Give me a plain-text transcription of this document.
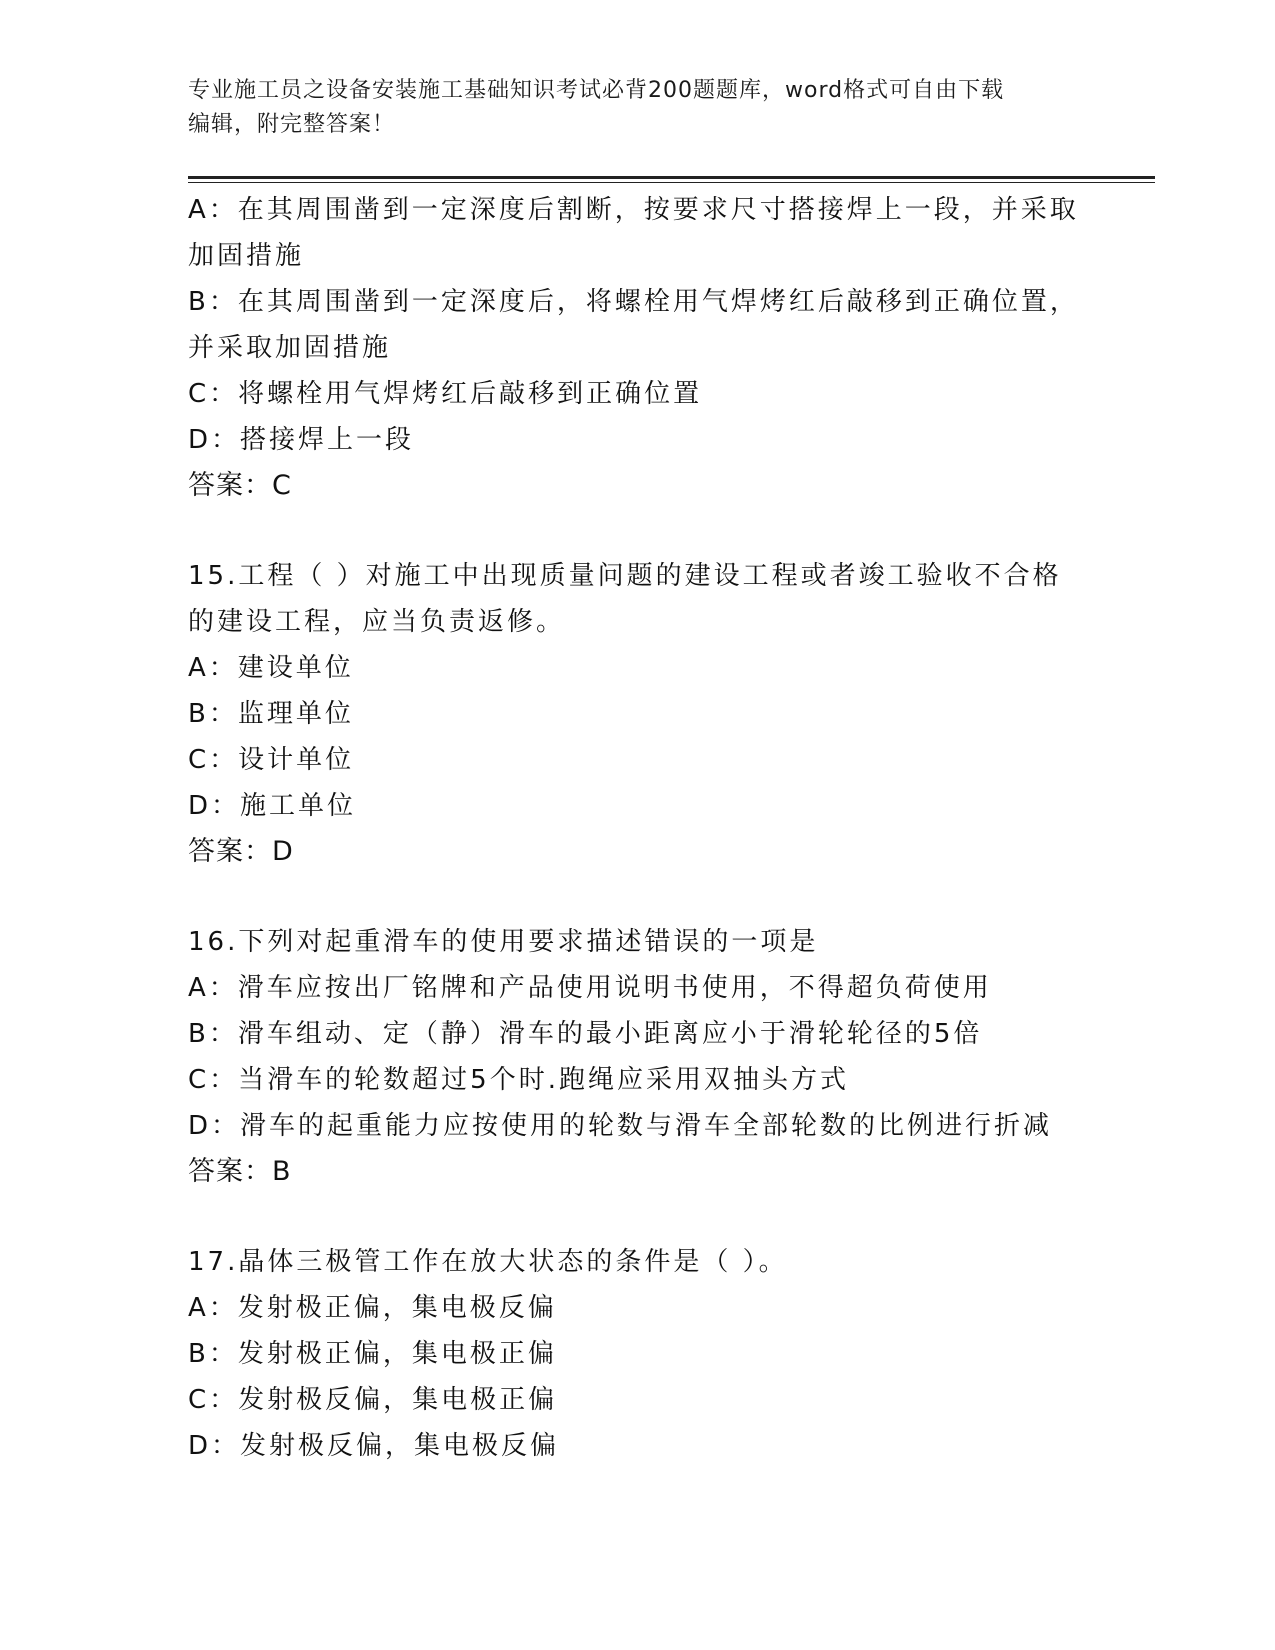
专业施工员之设备安装施工基础知识考试必背200题题库，word格式可自由下载
编辑，附完整答案！
A：在其周围凿到一定深度后割断，按要求尺寸搭接焊上一段，并采取
加固措施
B：在其周围凿到一定深度后，将螺栓用气焊烤红后敲移到正确位置，
并采取加固措施
C：将螺栓用气焊烤红后敲移到正确位置
D：搭接焊上一段
答案：C
15.工程（ ）对施工中出现质量问题的建设工程或者竣工验收不合格
的建设工程，应当负责返修。
A：建设单位
B：监理单位
C：设计单位
D：施工单位
答案：D
16.下列对起重滑车的使用要求描述错误的一项是
A：滑车应按出厂铭牌和产品使用说明书使用，不得超负荷使用
B：滑车组动、定（静）滑车的最小距离应小于滑轮轮径的5倍
C：当滑车的轮数超过5个时.跑绳应采用双抽头方式
D：滑车的起重能力应按使用的轮数与滑车全部轮数的比例进行折减
答案：B
17.晶体三极管工作在放大状态的条件是（ ）。
A：发射极正偏，集电极反偏
B：发射极正偏，集电极正偏
C：发射极反偏，集电极正偏
D：发射极反偏，集电极反偏
